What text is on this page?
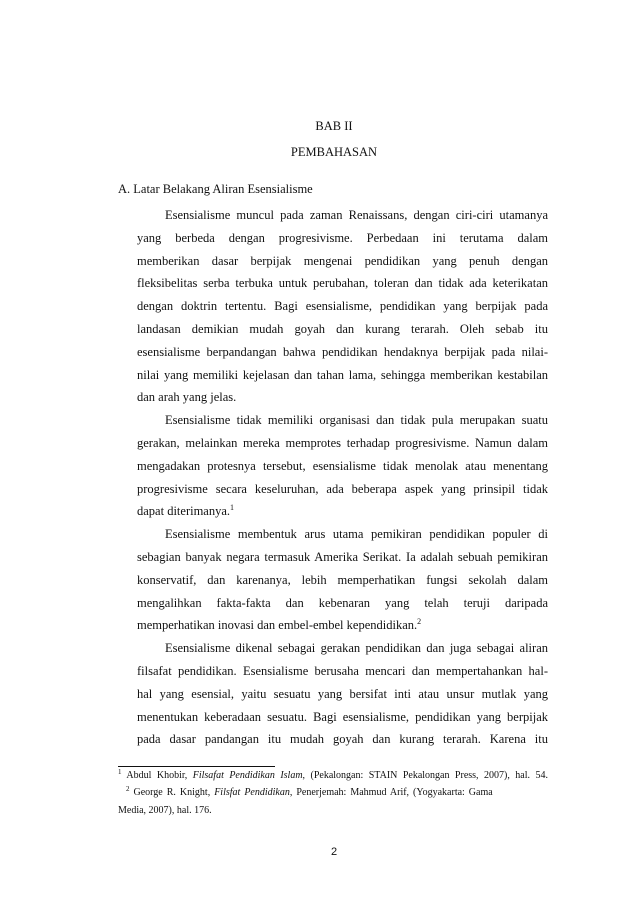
BAB II
PEMBAHASAN
A. Latar Belakang Aliran Esensialisme
Esensialisme muncul pada zaman Renaissans, dengan ciri-ciri utamanya
yang berbeda dengan progresivisme. Perbedaan ini terutama dalam
memberikan dasar berpijak mengenai pendidikan yang penuh dengan
fleksibelitas serba terbuka untuk perubahan, toleran dan tidak ada keterikatan
dengan doktrin tertentu. Bagi esensialisme, pendidikan yang berpijak pada
landasan demikian mudah goyah dan kurang terarah. Oleh sebab itu
esensialisme berpandangan bahwa pendidikan hendaknya berpijak pada nilai-
nilai yang memiliki kejelasan dan tahan lama, sehingga memberikan kestabilan
dan arah yang jelas.
Esensialisme tidak memiliki organisasi dan tidak pula merupakan suatu
gerakan, melainkan mereka memprotes terhadap progresivisme. Namun dalam
mengadakan protesnya tersebut, esensialisme tidak menolak atau menentang
progresivisme secara keseluruhan, ada beberapa aspek yang prinsipil tidak
dapat diterimanya.$^1$
Esensialisme membentuk arus utama pemikiran pendidikan populer di
sebagian banyak negara termasuk Amerika Serikat. Ia adalah sebuah pemikiran
konservatif, dan karenanya, lebih memperhatikan fungsi sekolah dalam
mengalihkan fakta-fakta dan kebenaran yang telah teruji daripada
memperhatikan inovasi dan embel-embel kependidikan.$^2$
Esensialisme dikenal sebagai gerakan pendidikan dan juga sebagai aliran
filsafat pendidikan. Esensialisme berusaha mencari dan mempertahankan hal-
hal yang esensial, yaitu sesuatu yang bersifat inti atau unsur mutlak yang
menentukan keberadaan sesuatu. Bagi esensialisme, pendidikan yang berpijak
pada dasar pandangan itu mudah goyah dan kurang terarah. Karena itu
$^1$ Abdul Khobir, Filsafat Pendidikan Islam, (Pekalongan: STAIN Pekalongan Press, 2007), hal. 54.
$^2$ George R. Knight, Filsfat Pendidikan, Penerjemah: Mahmud Arif, (Yogyakarta: Gama
Media, 2007), hal. 176.
2
